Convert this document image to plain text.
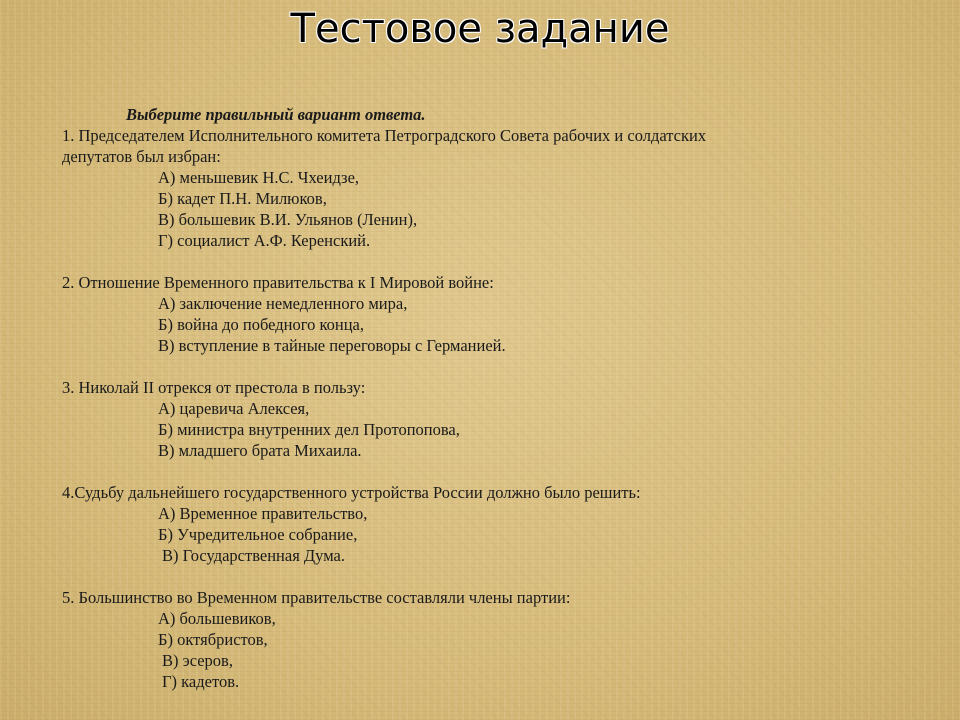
Тестовое задание
Выберите правильный вариант ответа.
1. Председателем Исполнительного комитета Петроградского Совета рабочих и солдатских
депутатов был избран:
А) меньшевик Н.С. Чхеидзе,
Б) кадет П.Н. Милюков,
В) большевик В.И. Ульянов (Ленин),
Г) социалист А.Ф. Керенский.
2. Отношение Временного правительства к I Мировой войне:
А) заключение немедленного мира,
Б) война до победного конца,
В) вступление в тайные переговоры с Германией.
3. Николай II отрекся от престола в пользу:
А) царевича Алексея,
Б) министра внутренних дел Протопопова,
В) младшего брата Михаила.
4.Судьбу дальнейшего государственного устройства России должно было решить:
А) Временное правительство,
Б) Учредительное собрание,
В) Государственная Дума.
5. Большинство во Временном правительстве составляли члены партии:
А) большевиков,
Б) октябристов,
В) эсеров,
Г) кадетов.
